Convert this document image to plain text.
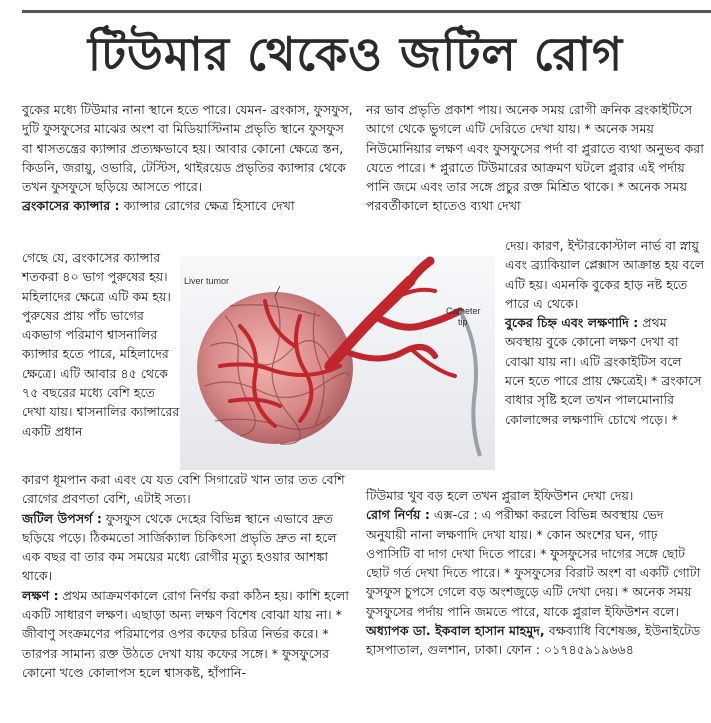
টিউমার থেকেও জটিল রোগ

বুকের মধ্যে টিউমার নানা স্থানে হতে পারে। যেমন- ব্রংকাস, ফুসফুস, দুটি ফুসফুসের মাঝের অংশ বা মিডিয়াস্টিনাম প্রভৃতি স্থানে ফুসফুস বা শ্বাসতন্ত্রের ক্যান্সার প্রত্যক্ষভাবে হয়। আবার কোনো ক্ষেত্রে স্তন, কিডনি, জরায়ু, ওভারি, টেস্টিস, থাইরয়েড প্রভৃতির ক্যান্সার থেকে তখন ফুসফুসে ছড়িয়ে আসতে পারে।

ব্রংকাসের ক্যান্সার : ক্যান্সার রোগের ক্ষেত্র হিসাবে দেখা

গেছে যে, ব্রংকাসের ক্যান্সার শতকরা ৪০ ভাগ পুরুষের হয়। মহিলাদের ক্ষেত্রে এটি কম হয়। পুরুষের প্রায় পাঁচ ভাগের একভাগ পরিমাণ শ্বাসনালির ক্যান্সার হতে পারে, মহিলাদের ক্ষেত্রে। এটি আবার ৪৫ থেকে ৭৫ বছরের মধ্যে বেশি হতে দেখা যায়। শ্বাসনালির ক্যান্সারের একটি প্রধান

কারণ ধূমপান করা এবং যে যত বেশি সিগারেট খান তার তত বেশি রোগের প্রবণতা বেশি, এটাই সত্য।

জটিল উপসর্গ : ফুসফুস থেকে দেহের বিভিন্ন স্থানে এভাবে দ্রুত ছড়িয়ে পড়ে। ঠিকমতো সার্জিক্যাল চিকিৎসা প্রভৃতি দ্রুত না হলে এক বছর বা তার কম সময়ের মধ্যে রোগীর মৃত্যু হওয়ার আশঙ্কা থাকে।

লক্ষণ : প্রথম আক্রমণকালে রোগ নির্ণয় করা কঠিন হয়। কাশি হলো একটি সাধারণ লক্ষণ। এছাড়া অন্য লক্ষণ বিশেষ বোঝা যায় না। * জীবাণু সংক্রমণের পরিমাপের ওপর কফের চরিত্র নির্ভর করে। * তারপর সামান্য রক্ত উঠতে দেখা যায় কফের সঙ্গে। * ফুসফুসের কোনো খণ্ডে কোলাপস হলে শ্বাসকষ্ট, হাঁপানি-

Liver tumor
Catheter
tip

নর ভাব প্রভৃতি প্রকাশ পায়। অনেক সময় রোগী ক্রনিক ব্রংকাইটিসে আগে থেকে ভুগলে এটি দেরিতে দেখা যায়। * অনেক সময় নিউমোনিয়ার লক্ষণ এবং ফুসফুসের পর্দা বা প্লুরাতে ব্যথা অনুভব করা যেতে পারে। * প্লুরাতে টিউমারের আক্রমণ ঘটলে প্লুরার এই পর্দায় পানি জমে এবং তার সঙ্গে প্রচুর রক্ত মিশ্রিত থাকে। * অনেক সময় পরবর্তীকালে হাতেও ব্যথা দেখা

দেয়। কারণ, ইন্টারকোস্টাল নার্ভ বা স্নায়ু এবং ব্র্যাকিয়াল প্লেক্সাস আক্রান্ত হয় বলে এটি হয়। এমনকি বুকের হাড় নষ্ট হতে পারে এ থেকে।

বুকের চিহ্ন এবং লক্ষণাদি : প্রথম অবস্থায় বুকে কোনো লক্ষণ দেখা বা বোঝা যায় না। এটি ব্রংকাইটিস বলে মনে হতে পারে প্রায় ক্ষেত্রেই। * ব্রংকাসে বাধার সৃষ্টি হলে তখন পালমোনারি কোলাপ্সের লক্ষণাদি চোখে পড়ে। *

টিউমার খুব বড় হলে তখন প্লুরাল ইফিউশন দেখা দেয়।

রোগ নির্ণয় : এক্স-রে : এ পরীক্ষা করলে বিভিন্ন অবস্থায় ভেদ অনুযায়ী নানা লক্ষণাদি দেখা যায়। * কোন অংশের ঘন, গাঢ় ওপাসিটি বা দাগ দেখা দিতে পারে। * ফুসফুসের দাগের সঙ্গে ছোট ছোট গর্ত দেখা দিতে পারে। * ফুসফুসের বিরাট অংশ বা একটি গোটা ফুসফুস চুপসে গেলে বড় অংশজুড়ে এটি দেখা দেয়। * অনেক সময় ফুসফুসের পর্দায় পানি জমতে পারে, যাকে প্লুরাল ইফিউশন বলে।

অধ্যাপক ডা. ইকবাল হাসান মাহমুদ, বক্ষব্যাধি বিশেষজ্ঞ, ইউনাইটেড হাসপাতাল, গুলশান, ঢাকা। ফোন : ০১৭৪৫৯১৯৬৬৪
